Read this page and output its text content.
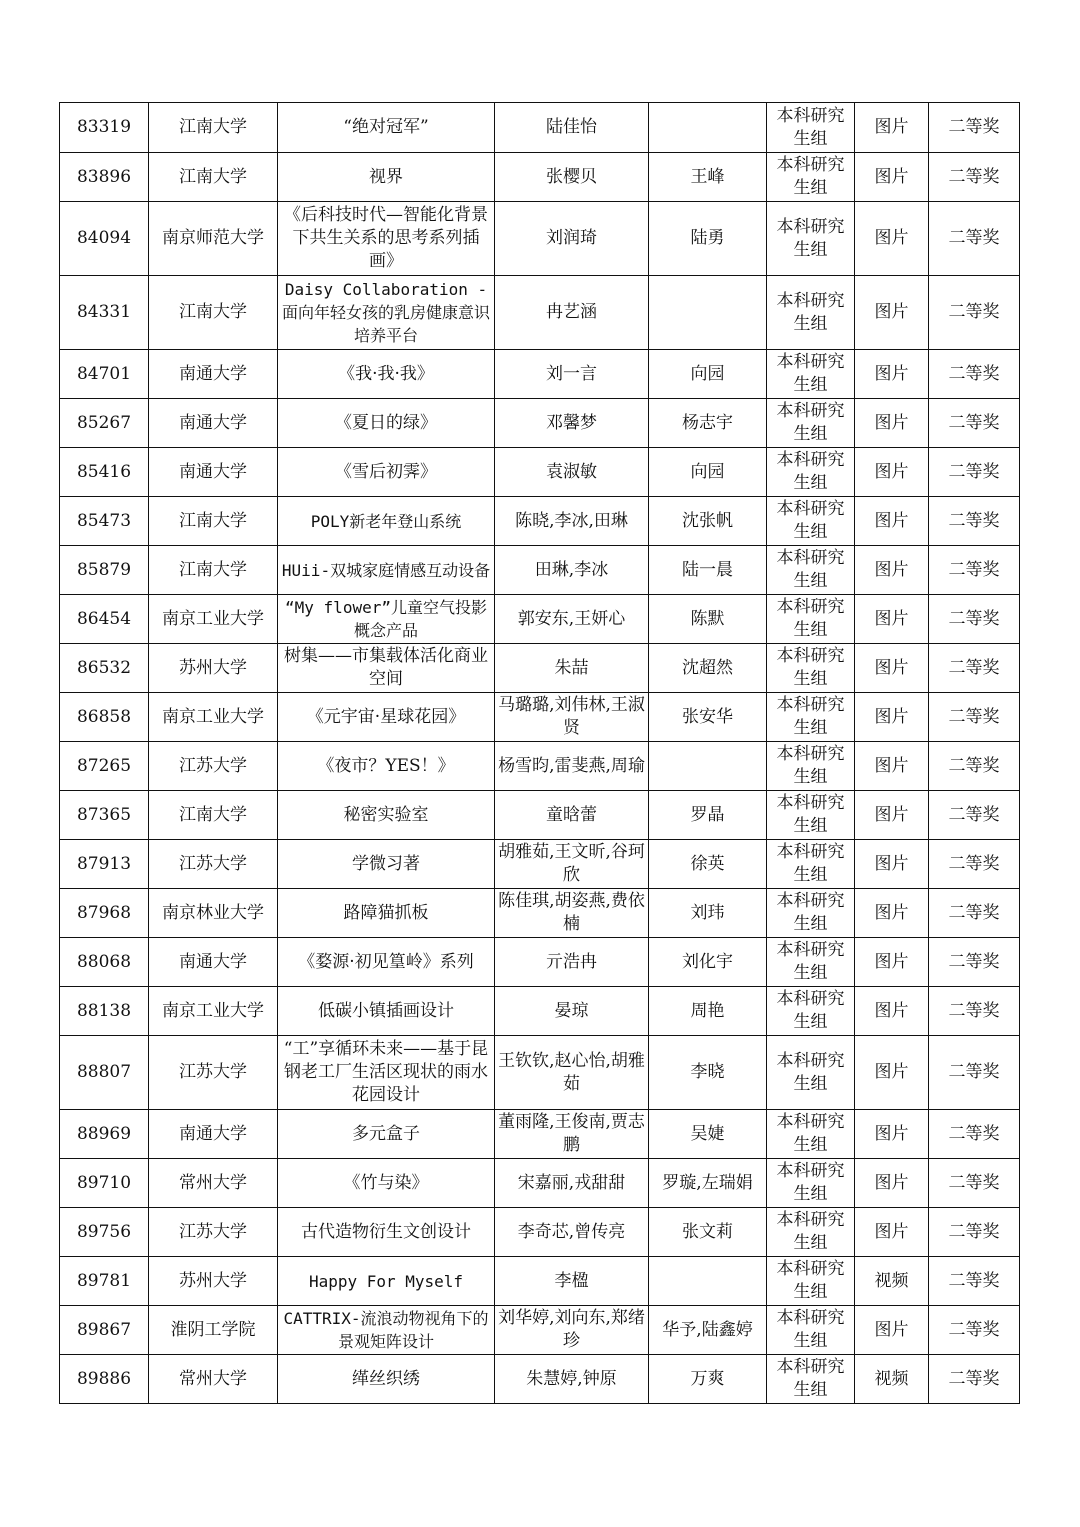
83319	江南大学	“绝对冠军”	陆佳怡		本科研究生组	图片	二等奖
83896	江南大学	视界	张樱贝	王峰	本科研究生组	图片	二等奖
84094	南京师范大学	《后科技时代—智能化背景下共生关系的思考系列插画》	刘润琦	陆勇	本科研究生组	图片	二等奖
84331	江南大学	Daisy Collaboration -面向年轻女孩的乳房健康意识培养平台	冉艺涵		本科研究生组	图片	二等奖
84701	南通大学	《我·我·我》	刘一言	向园	本科研究生组	图片	二等奖
85267	南通大学	《夏日的绿》	邓馨梦	杨志宇	本科研究生组	图片	二等奖
85416	南通大学	《雪后初霁》	袁淑敏	向园	本科研究生组	图片	二等奖
85473	江南大学	POLY新老年登山系统	陈晓,李冰,田琳	沈张帆	本科研究生组	图片	二等奖
85879	江南大学	HUii-双城家庭情感互动设备	田琳,李冰	陆一晨	本科研究生组	图片	二等奖
86454	南京工业大学	“My flower”儿童空气投影概念产品	郭安东,王妍心	陈默	本科研究生组	图片	二等奖
86532	苏州大学	树集——市集载体活化商业空间	朱喆	沈超然	本科研究生组	图片	二等奖
86858	南京工业大学	《元宇宙·星球花园》	马璐璐,刘伟林,王淑贤	张安华	本科研究生组	图片	二等奖
87265	江苏大学	《夜市？YES！》	杨雪昀,雷斐燕,周瑜		本科研究生组	图片	二等奖
87365	江南大学	秘密实验室	童晗蕾	罗晶	本科研究生组	图片	二等奖
87913	江苏大学	学微习著	胡雅茹,王文昕,谷珂欣	徐英	本科研究生组	图片	二等奖
87968	南京林业大学	路障猫抓板	陈佳琪,胡姿燕,费依楠	刘玮	本科研究生组	图片	二等奖
88068	南通大学	《婺源·初见篁岭》系列	亓浩冉	刘化宇	本科研究生组	图片	二等奖
88138	南京工业大学	低碳小镇插画设计	晏琼	周艳	本科研究生组	图片	二等奖
88807	江苏大学	“工”享循环未来——基于昆钢老工厂生活区现状的雨水花园设计	王钦钦,赵心怡,胡雅茹	李晓	本科研究生组	图片	二等奖
88969	南通大学	多元盒子	董雨隆,王俊南,贾志鹏	吴婕	本科研究生组	图片	二等奖
89710	常州大学	《竹与染》	宋嘉丽,戎甜甜	罗璇,左瑞娟	本科研究生组	图片	二等奖
89756	江苏大学	古代造物衍生文创设计	李奇芯,曾传亮	张文莉	本科研究生组	图片	二等奖
89781	苏州大学	Happy For Myself	李楹		本科研究生组	视频	二等奖
89867	淮阴工学院	CATTRIX-流浪动物视角下的景观矩阵设计	刘华婷,刘向东,郑绪珍	华予,陆鑫婷	本科研究生组	图片	二等奖
89886	常州大学	缂丝织绣	朱慧婷,钟原	万爽	本科研究生组	视频	二等奖
